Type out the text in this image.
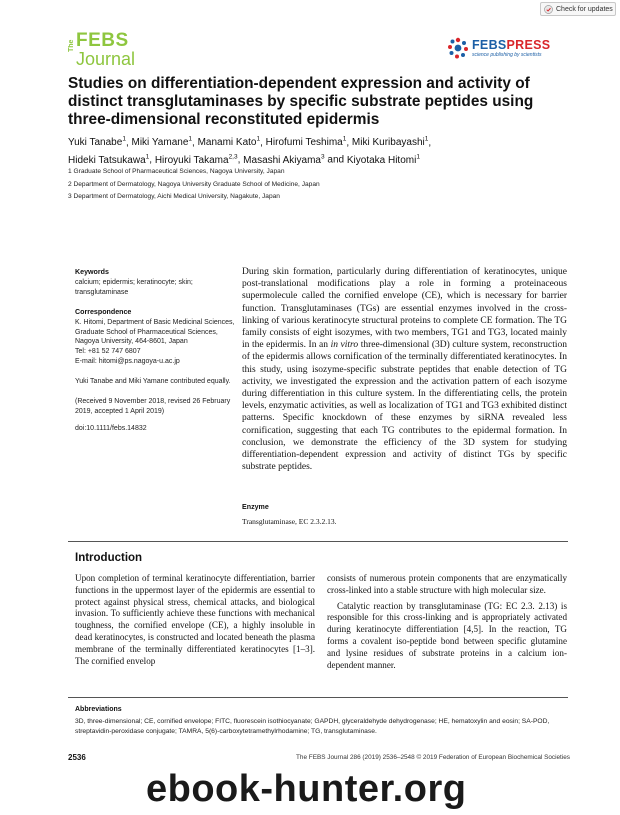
Check for updates
The FEBS
Journal
FEBSPRESS
science publishing by scientists
Studies on differentiation-dependent expression and activity of distinct transglutaminases by specific substrate peptides using three-dimensional reconstituted epidermis
Yuki Tanabe$^1$, Miki Yamane$^1$, Manami Kato$^1$, Hirofumi Teshima$^1$, Miki Kuribayashi$^1$,
Hideki Tatsukawa$^1$, Hiroyuki Takama$^{2,3}$, Masashi Akiyama$^3$ and Kiyotaka Hitomi$^1$
1 Graduate School of Pharmaceutical Sciences, Nagoya University, Japan
2 Department of Dermatology, Nagoya University Graduate School of Medicine, Japan
3 Department of Dermatology, Aichi Medical University, Nagakute, Japan

Keywords

calcium; epidermis; keratinocyte; skin; transglutaminase

Correspondence

K. Hitomi, Department of Basic Medicinal Sciences, Graduate School of Pharmaceutical Sciences, Nagoya University, 464-8601, Japan

Tel: +81 52 747 6807

E-mail: hitomi@ps.nagoya-u.ac.jp

Yuki Tanabe and Miki Yamane contributed equally.

(Received 9 November 2018, revised 26 February 2019, accepted 1 April 2019)

doi:10.1111/febs.14832

During skin formation, particularly during differentiation of keratinocytes, unique post-translational modifications play a role in forming a proteinaceous supermolecule called the cornified envelope (CE), which is necessary for barrier function. Transglutaminases (TGs) are essential enzymes involved in the cross-linking of various keratinocyte structural proteins to complete CE formation. The TG family consists of eight isozymes, with two members, TG1 and TG3, located mainly in the epidermis. In an in vitro three-dimensional (3D) culture system, reconstruction of the epidermis allows cornification of the terminally differentiated keratinocytes. In this study, using isozyme-specific substrate peptides that enable detection of TG activity, we investigated the expression and the activation pattern of each isozyme during differentiation in this culture system. In the differentiating cells, the protein levels, enzymatic activities, as well as localization of TG1 and TG3 exhibited distinct patterns. Specific knockdown of these enzymes by siRNA revealed less cornification, suggesting that each TG contributes to the epidermal formation. In conclusion, we demonstrate the efficiency of the 3D system for studying differentiation-dependent expression and activity of distinct TGs by specific substrate peptides.
Enzyme
Transglutaminase, EC 2.3.2.13.
Introduction

Upon completion of terminal keratinocyte differentiation, barrier functions in the uppermost layer of the epidermis are essential to protect against physical stress, chemical attacks, and biological invasion. To sufficiently achieve these functions with mechanical toughness, the cornified envelope (CE), a highly insoluble in dead keratinocytes, is constructed and located beneath the plasma membrane of the terminally differentiated keratinocytes [1–3]. The cornified envelop

consists of numerous protein components that are enzymatically cross-linked into a stable structure with high molecular size.

Catalytic reaction by transglutaminase (TG: EC 2.3. 2.13) is responsible for this cross-linking and is appropriately activated during keratinocyte differentiation [4,5]. In the reaction, TG forms a covalent iso-peptide bond between specific glutamine and lysine residues of substrate proteins in a calcium ion-dependent manner.

Abbreviations
3D, three-dimensional; CE, cornified envelope; FITC, fluorescein isothiocyanate; GAPDH, glyceraldehyde dehydrogenase; HE, hematoxylin and eosin; SA-POD, streptavidin-peroxidase conjugate; TAMRA, 5(6)-carboxytetramethylrhodamine; TG, transglutaminase.
2536	The FEBS Journal 286 (2019) 2536–2548 © 2019 Federation of European Biochemical Societies
ebook-hunter.org
